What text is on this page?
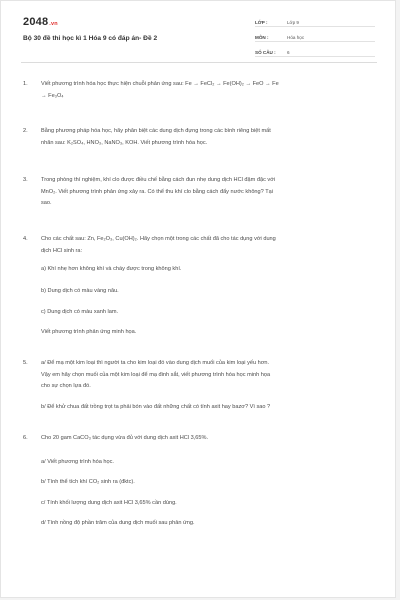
2048.vn
Bộ 30 đề thi học kì 1 Hóa 9 có đáp án- Đề 2
LỚP :	Lớp 9
MÔN :	Hóa học
SỐ CÂU :	6
1. Viết phương trình hóa học thực hiện chuỗi phản ứng sau: Fe → FeCl₂ → Fe(OH)₂ → FeO → Fe
→ Fe₃O₄
2. Bằng phương pháp hóa học, hãy phân biệt các dung dịch đựng trong các bình riêng biệt mất
nhãn sau: K₂SO₄, HNO₃, NaNO₃, KOH. Viết phương trình hóa học.
3. Trong phòng thí nghiệm, khí clo được điều chế bằng cách đun nhẹ dung dịch HCl đậm đặc với
MnO₂. Viết phương trình phản ứng xảy ra. Có thể thu khí clo bằng cách đẩy nước không? Tại
sao.
4. Cho các chất sau: Zn, Fe₂O₃, Cu(OH)₂. Hãy chọn một trong các chất đã cho tác dụng với dung
dịch HCl sinh ra:
a) Khí nhẹ hơn không khí và cháy được trong không khí.
b) Dung dịch có màu vàng nâu.
c) Dung dịch có màu xanh lam.
Viết phương trình phản ứng minh họa.
5. a/ Để mạ một kim loại thì người ta cho kim loại đó vào dung dịch muối của kim loại yếu hơn.
Vậy em hãy chọn muối của một kim loại để mạ đinh sắt, viết phương trình hóa học minh họa
cho sự chọn lựa đó.
b/ Để khử chua đất trồng trọt ta phải bón vào đất những chất có tính axit hay bazơ? Vì sao ?
6. Cho 20 gam CaCO₃ tác dụng vừa đủ với dung dịch axit HCl 3,65%.
a/ Viết phương trình hóa học.
b/ Tính thể tích khí CO₂ sinh ra (đktc).
c/ Tính khối lượng dung dịch axit HCl 3,65% cần dùng.
d/ Tính nồng độ phần trăm của dung dịch muối sau phản ứng.
